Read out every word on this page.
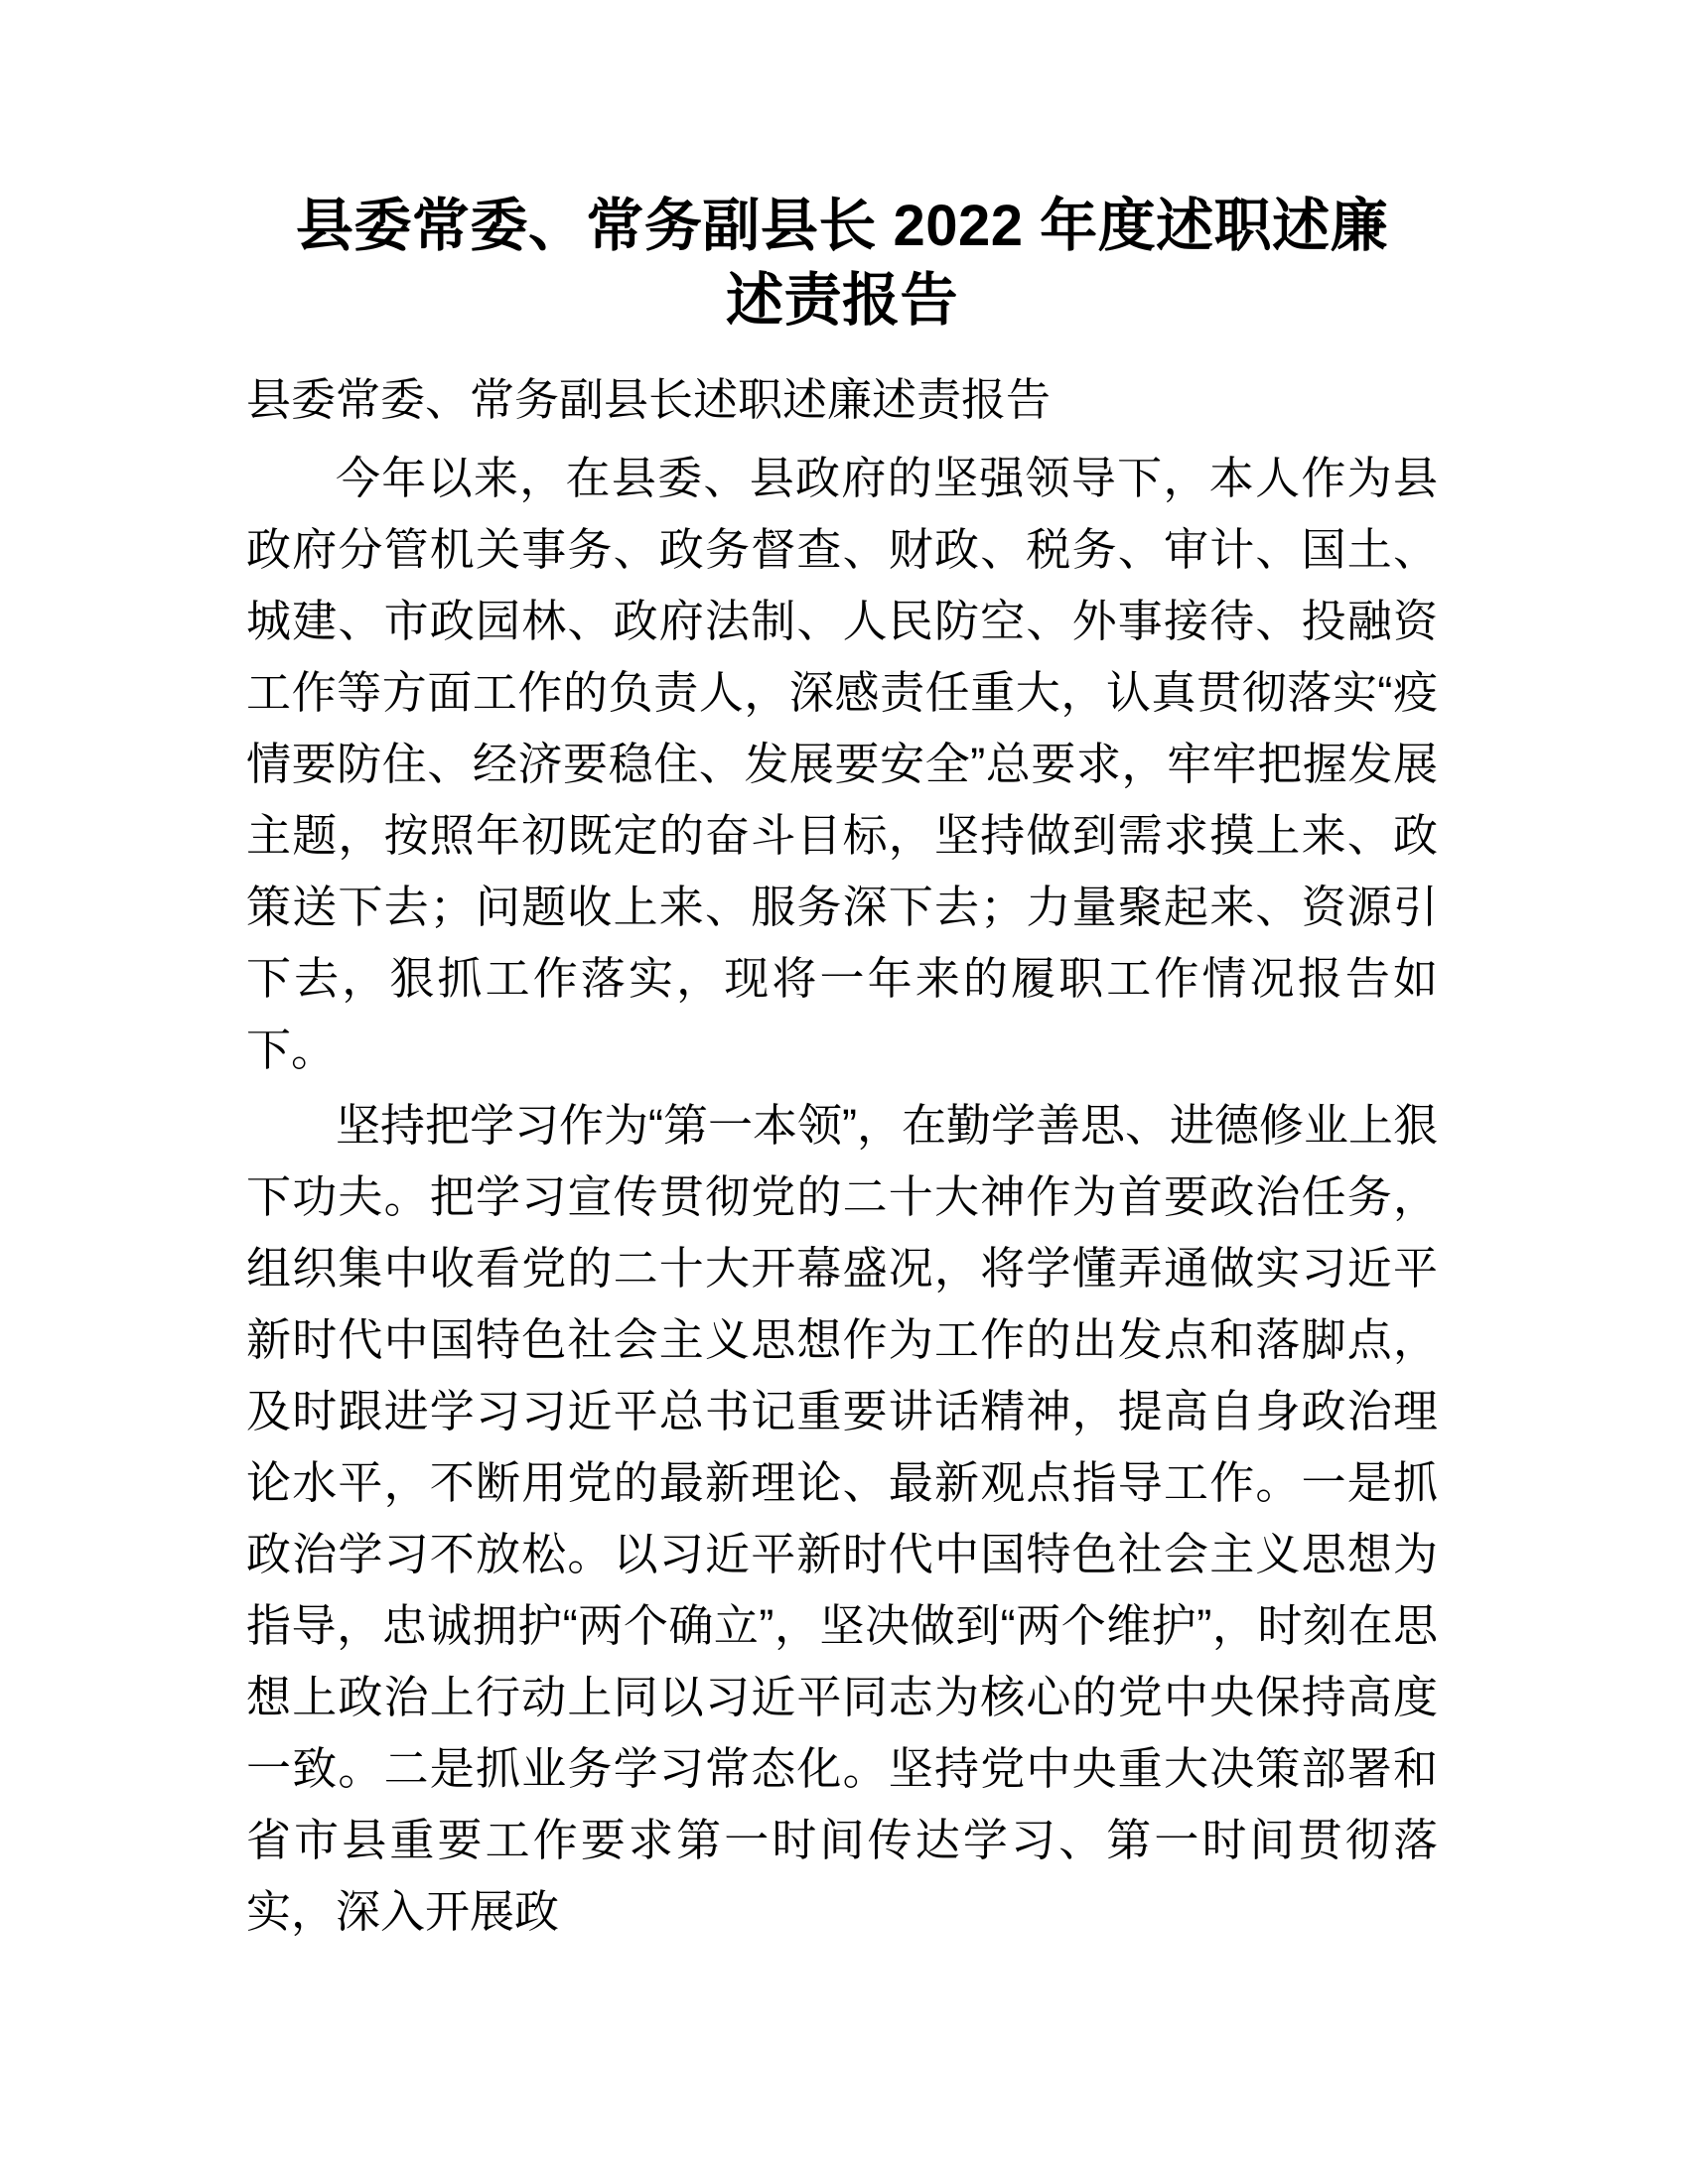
县委常委、常务副县长 2022 年度述职述廉述责报告

县委常委、常务副县长述职述廉述责报告

今年以来，在县委、县政府的坚强领导下，本人作为县政府分管机关事务、政务督查、财政、税务、审计、国土、城建、市政园林、政府法制、人民防空、外事接待、投融资工作等方面工作的负责人，深感责任重大，认真贯彻落实“疫情要防住、经济要稳住、发展要安全”总要求，牢牢把握发展主题，按照年初既定的奋斗目标，坚持做到需求摸上来、政策送下去；问题收上来、服务深下去；力量聚起来、资源引下去，狠抓工作落实，现将一年来的履职工作情况报告如下。

坚持把学习作为“第一本领”，在勤学善思、进德修业上狠下功夫。把学习宣传贯彻党的二十大神作为首要政治任务，组织集中收看党的二十大开幕盛况，将学懂弄通做实习近平新时代中国特色社会主义思想作为工作的出发点和落脚点，及时跟进学习习近平总书记重要讲话精神，提高自身政治理论水平，不断用党的最新理论、最新观点指导工作。一是抓政治学习不放松。以习近平新时代中国特色社会主义思想为指导，忠诚拥护“两个确立”，坚决做到“两个维护”，时刻在思想上政治上行动上同以习近平同志为核心的党中央保持高度一致。二是抓业务学习常态化。坚持党中央重大决策部署和省市县重要工作要求第一时间传达学习、第一时间贯彻落实，深入开展政
